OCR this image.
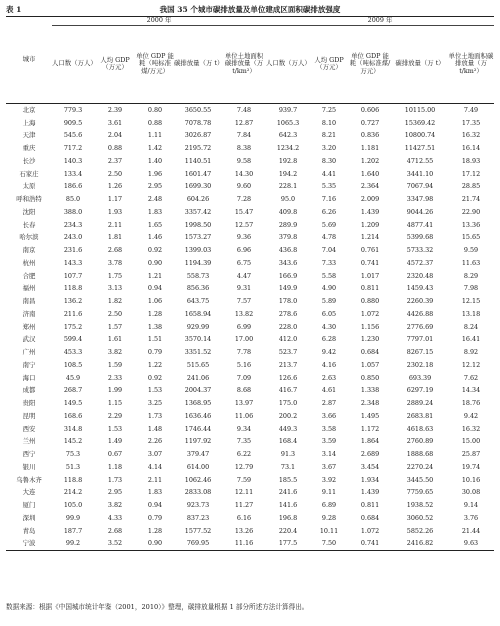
表 1	我国 35 个城市碳排放量及单位建成区面积碳排放强度
城市	2000 年					2009 年				
	人口数（万人）	人均 GDP（万元）	单位 GDP 能耗（吨标准煤/万元）	碳排放量（万 t）	单位土地面积碳排放量（万 t/km²）	人口数（万人）	人均 GDP（万元）	单位 GDP 能耗（吨标准煤/万元）	碳排放量（万 t）	单位土地面积碳排放量（万 t/km²）
北京	779.3	2.39	0.80	3650.55	7.48	939.7	7.25	0.606	10115.00	7.49
上海	909.5	3.61	0.88	7078.78	12.87	1065.3	8.10	0.727	15369.42	17.35
天津	545.6	2.04	1.11	3026.87	7.84	642.3	8.21	0.836	10800.74	16.32
重庆	717.2	0.88	1.42	2195.72	8.38	1234.2	3.20	1.181	11427.51	16.14
长沙	140.3	2.37	1.40	1140.51	9.58	192.8	8.30	1.202	4712.55	18.93
石家庄	133.4	2.50	1.96	1601.47	14.30	194.2	4.41	1.640	3441.10	17.12
太原	186.6	1.26	2.95	1699.30	9.60	228.1	5.35	2.364	7067.94	28.85
呼和浩特	85.0	1.17	2.48	604.26	7.28	95.0	7.16	2.009	3347.98	21.74
沈阳	388.0	1.93	1.83	3357.42	15.47	409.8	6.26	1.439	9044.26	22.90
长春	234.3	2.11	1.65	1998.50	12.57	289.9	5.69	1.209	4877.41	13.36
哈尔滨	243.0	1.81	1.46	1573.27	9.36	379.8	4.78	1.214	5399.68	15.65
南京	231.6	2.68	0.92	1399.03	6.96	436.8	7.04	0.761	5733.32	9.59
杭州	143.3	3.78	0.90	1194.39	6.75	343.6	7.33	0.741	4572.37	11.63
合肥	107.7	1.75	1.21	558.73	4.47	166.9	5.58	1.017	2320.48	8.29
福州	118.8	3.13	0.94	856.36	9.31	149.9	4.90	0.811	1459.43	7.98
南昌	136.2	1.82	1.06	643.75	7.57	178.0	5.89	0.880	2260.39	12.15
济南	211.6	2.50	1.28	1658.94	13.82	278.6	6.05	1.072	4426.88	13.18
郑州	175.2	1.57	1.38	929.99	6.99	228.0	4.30	1.156	2776.69	8.24
武汉	599.4	1.61	1.51	3570.14	17.00	412.0	6.28	1.230	7797.01	16.41
广州	453.3	3.82	0.79	3351.52	7.78	523.7	9.42	0.684	8267.15	8.92
南宁	108.5	1.59	1.22	515.65	5.16	213.7	4.16	1.057	2302.18	12.12
海口	45.9	2.33	0.92	241.06	7.09	126.6	2.63	0.850	693.39	7.62
成都	268.7	1.99	1.53	2004.37	8.68	416.7	4.61	1.338	6297.19	14.34
贵阳	149.5	1.15	3.25	1368.95	13.97	175.0	2.87	2.348	2889.24	18.76
昆明	168.6	2.29	1.73	1636.46	11.06	200.2	3.66	1.495	2683.81	9.42
西安	314.8	1.53	1.48	1746.44	9.34	449.3	3.58	1.172	4618.63	16.32
兰州	145.2	1.49	2.26	1197.92	7.35	168.4	3.59	1.864	2760.89	15.00
西宁	75.3	0.67	3.07	379.47	6.22	91.3	3.14	2.689	1888.68	25.87
银川	51.3	1.18	4.14	614.00	12.79	73.1	3.67	3.454	2270.24	19.74
乌鲁木齐	118.8	1.73	2.11	1062.46	7.59	185.5	3.92	1.934	3445.50	10.16
大连	214.2	2.95	1.83	2833.08	12.11	241.6	9.11	1.439	7759.65	30.08
厦门	105.0	3.82	0.94	923.73	11.27	141.6	6.89	0.811	1938.52	9.14
深圳	99.9	4.33	0.79	837.23	6.16	196.8	9.28	0.684	3060.52	3.76
青岛	187.7	2.68	1.28	1577.52	13.26	220.4	10.11	1.072	5852.26	21.44
宁波	99.2	3.52	0.90	769.95	11.16	177.5	7.50	0.741	2416.82	9.63
数据来源：根据《中国城市统计年鉴（2001，2010）》整理，碳排放量根据 1 部分所述方法计算得出。
